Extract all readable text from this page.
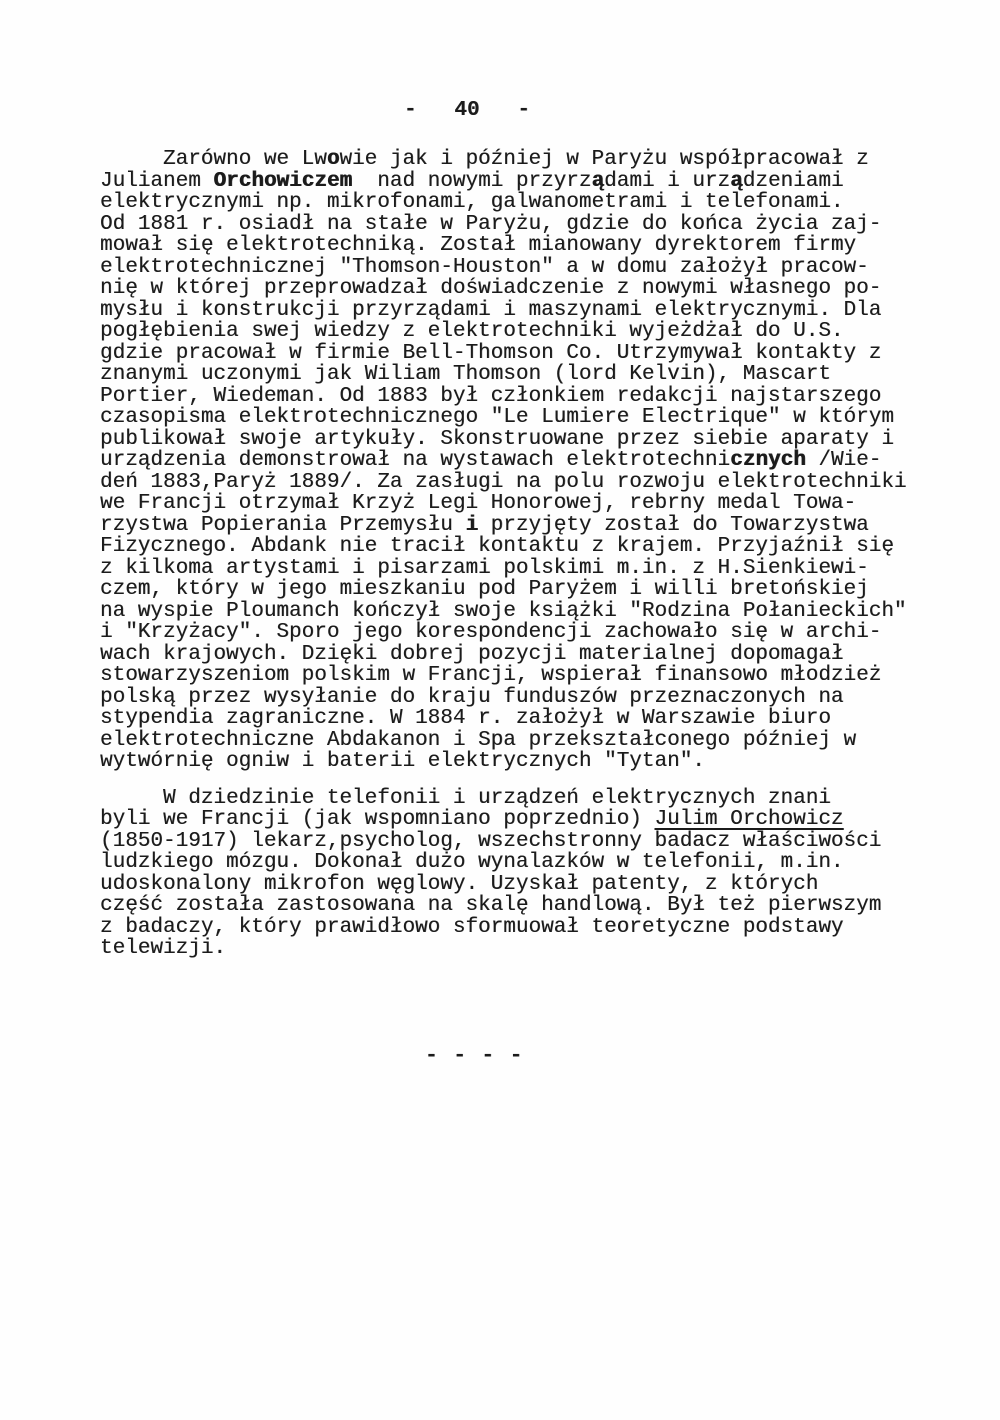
-   40   -
Zarówno we Lwowie jak i później w Paryżu współpracował z
Julianem Orchowiczem  nad nowymi przyrządami i urządzeniami
elektrycznymi np. mikrofonami, galwanometrami i telefonami.
Od 1881 r. osiadł na stałe w Paryżu, gdzie do końca życia zaj-
mował się elektrotechniką. Został mianowany dyrektorem firmy
elektrotechnicznej "Thomson-Houston" a w domu założył pracow-
nię w której przeprowadzał doświadczenie z nowymi własnego po-
mysłu i konstrukcji przyrządami i maszynami elektrycznymi. Dla
pogłębienia swej wiedzy z elektrotechniki wyjeżdżał do U.S.
gdzie pracował w firmie Bell-Thomson Co. Utrzymywał kontakty z
znanymi uczonymi jak Wiliam Thomson (lord Kelvin), Mascart
Portier, Wiedeman. Od 1883 był członkiem redakcji najstarszego
czasopisma elektrotechnicznego "Le Lumiere Electrique" w którym
publikował swoje artykuły. Skonstruowane przez siebie aparaty i
urządzenia demonstrował na wystawach elektrotechnicznych /Wie-
deń 1883,Paryż 1889/. Za zasługi na polu rozwoju elektrotechniki
we Francji otrzymał Krzyż Legi Honorowej, rebrny medal Towa-
rzystwa Popierania Przemysłu i przyjęty został do Towarzystwa
Fizycznego. Abdank nie tracił kontaktu z krajem. Przyjaźnił się
z kilkoma artystami i pisarzami polskimi m.in. z H.Sienkiewi-
czem, który w jego mieszkaniu pod Paryżem i willi bretońskiej
na wyspie Ploumanch kończył swoje książki "Rodzina Połanieckich"
i "Krzyżacy". Sporo jego korespondencji zachowało się w archi-
wach krajowych. Dzięki dobrej pozycji materialnej dopomagał
stowarzyszeniom polskim w Francji, wspierał finansowo młodzież
polską przez wysyłanie do kraju funduszów przeznaczonych na
stypendia zagraniczne. W 1884 r. założył w Warszawie biuro
elektrotechniczne Abdakanon i Spa przekształconego później w
wytwórnię ogniw i baterii elektrycznych "Tytan".
W dziedzinie telefonii i urządzeń elektrycznych znani
byli we Francji (jak wspomniano poprzednio) Julim Orchowicz
(1850-1917) lekarz,psycholog, wszechstronny badacz właściwości
ludzkiego mózgu. Dokonał dużo wynalazków w telefonii, m.in.
udoskonalony mikrofon węglowy. Uzyskał patenty, z których
część została zastosowana na skalę handlową. Był też pierwszym
z badaczy, który prawidłowo sformuował teoretyczne podstawy
telewizji.
- - - -
